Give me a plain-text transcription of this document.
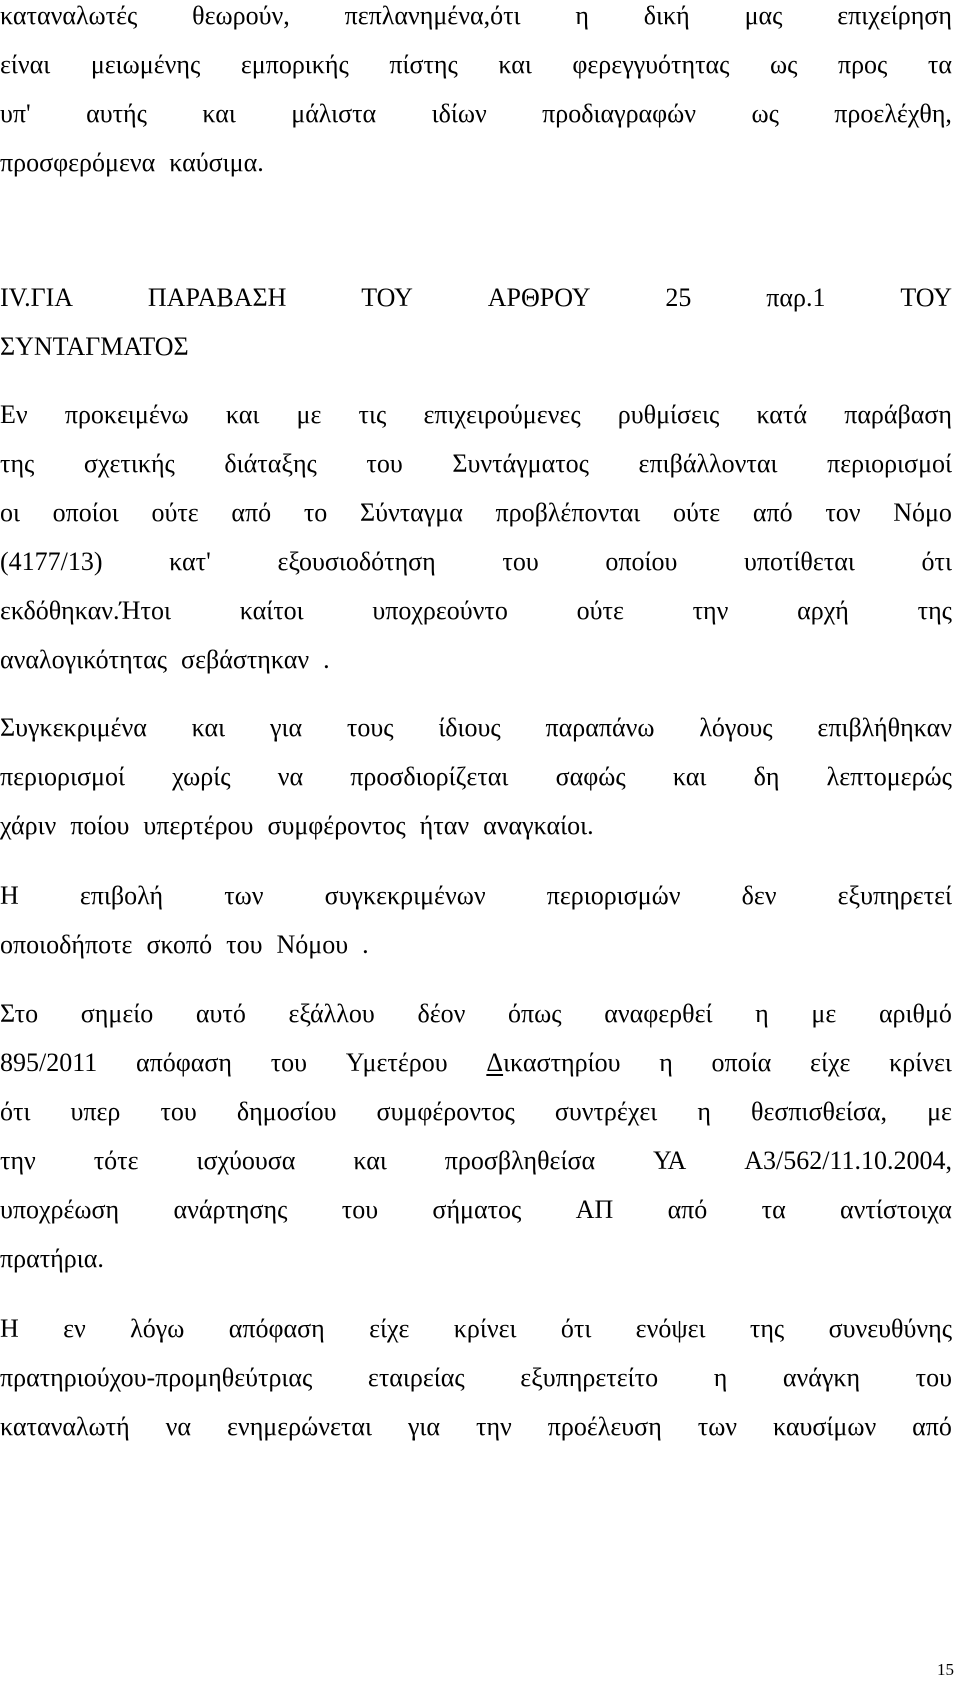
καταναλωτές θεωρούν, πεπλανημένα,ότι η δική μας επιχείρηση
είναι μειωμένης εμπορικής πίστης και φερεγγυότητας ως προς τα
υπ' αυτής και μάλιστα ιδίων προδιαγραφών ως προελέχθη,
προσφερόμενα καύσιμα.
IV.ΓΙΑ	ΠΑΡΑΒΑΣΗ	ΤΟΥ	ΑΡΘΡΟΥ	25	παρ.1	ΤΟΥ
ΣΥΝΤΑΓΜΑΤΟΣ
Εν προκειμένω και με τις επιχειρούμενες ρυθμίσεις κατά παράβαση
της σχετικής διάταξης του Συντάγματος επιβάλλονται περιορισμοί
οι οποίοι ούτε από το Σύνταγμα προβλέπονται ούτε από τον Νόμο
(4177/13)	κατ'	εξουσιοδότηση	του	οποίου	υποτίθεται	ότι
εκδόθηκαν.Ήτοι	καίτοι	υποχρεούντο	ούτε	την	αρχή	της
αναλογικότητας σεβάστηκαν .
Συγκεκριμένα και για τους ίδιους παραπάνω λόγους επιβλήθηκαν
περιορισμοί χωρίς να προσδιορίζεται σαφώς και δη λεπτομερώς
χάριν ποίου υπερτέρου συμφέροντος ήταν αναγκαίοι.
Η επιβολή των συγκεκριμένων περιορισμών δεν εξυπηρετεί
οποιοδήποτε σκοπό του Νόμου .
Στο σημείο αυτό εξάλλου δέον όπως αναφερθεί η με αριθμό
895/2011 απόφαση του Υμετέρου Δικαστηρίου η οποία είχε κρίνει
ότι υπερ του δημοσίου συμφέροντος συντρέχει η θεσπισθείσα, με
την τότε ισχύουσα και προσβληθείσα ΥΑ Α3/562/11.10.2004,
υποχρέωση ανάρτησης του σήματος ΑΠ από τα αντίστοιχα
πρατήρια.
Η εν λόγω απόφαση είχε κρίνει ότι ενόψει της συνευθύνης
πρατηριούχου-προμηθεύτριας εταιρείας εξυπηρετείτο η ανάγκη του
καταναλωτή να ενημερώνεται για την προέλευση των καυσίμων από
15
